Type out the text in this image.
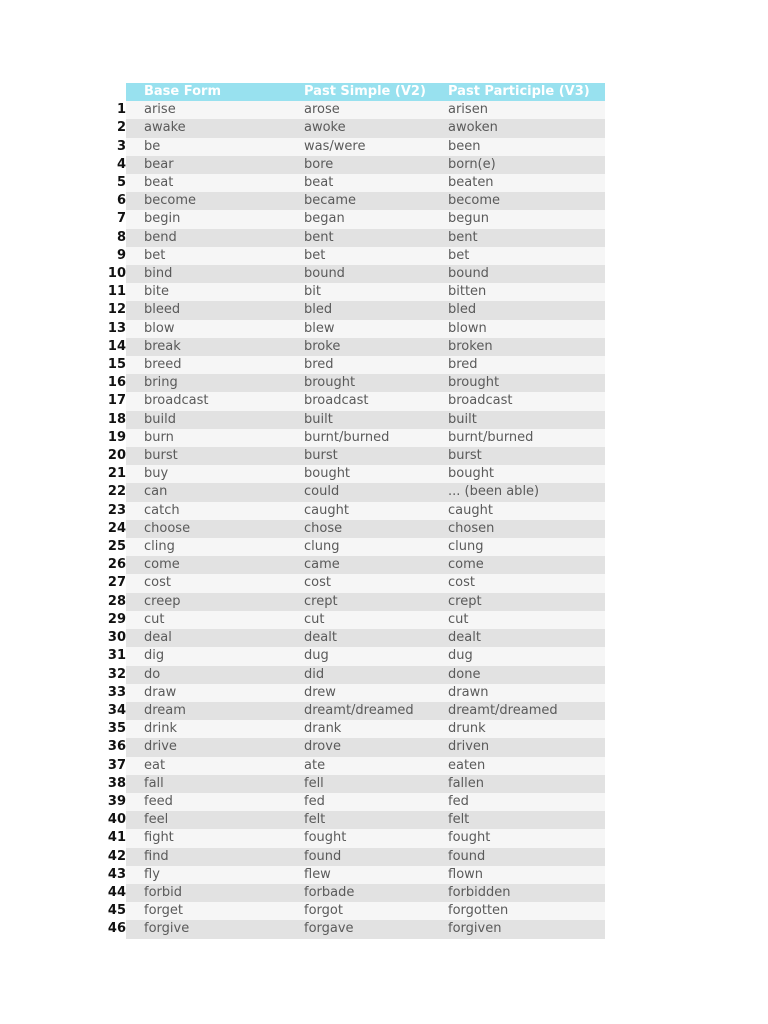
	Base Form	Past Simple (V2)	Past Participle (V3)
1	arise	arose	arisen
2	awake	awoke	awoken
3	be	was/were	been
4	bear	bore	born(e)
5	beat	beat	beaten
6	become	became	become
7	begin	began	begun
8	bend	bent	bent
9	bet	bet	bet
10	bind	bound	bound
11	bite	bit	bitten
12	bleed	bled	bled
13	blow	blew	blown
14	break	broke	broken
15	breed	bred	bred
16	bring	brought	brought
17	broadcast	broadcast	broadcast
18	build	built	built
19	burn	burnt/burned	burnt/burned
20	burst	burst	burst
21	buy	bought	bought
22	can	could	... (been able)
23	catch	caught	caught
24	choose	chose	chosen
25	cling	clung	clung
26	come	came	come
27	cost	cost	cost
28	creep	crept	crept
29	cut	cut	cut
30	deal	dealt	dealt
31	dig	dug	dug
32	do	did	done
33	draw	drew	drawn
34	dream	dreamt/dreamed	dreamt/dreamed
35	drink	drank	drunk
36	drive	drove	driven
37	eat	ate	eaten
38	fall	fell	fallen
39	feed	fed	fed
40	feel	felt	felt
41	fight	fought	fought
42	find	found	found
43	fly	flew	flown
44	forbid	forbade	forbidden
45	forget	forgot	forgotten
46	forgive	forgave	forgiven
